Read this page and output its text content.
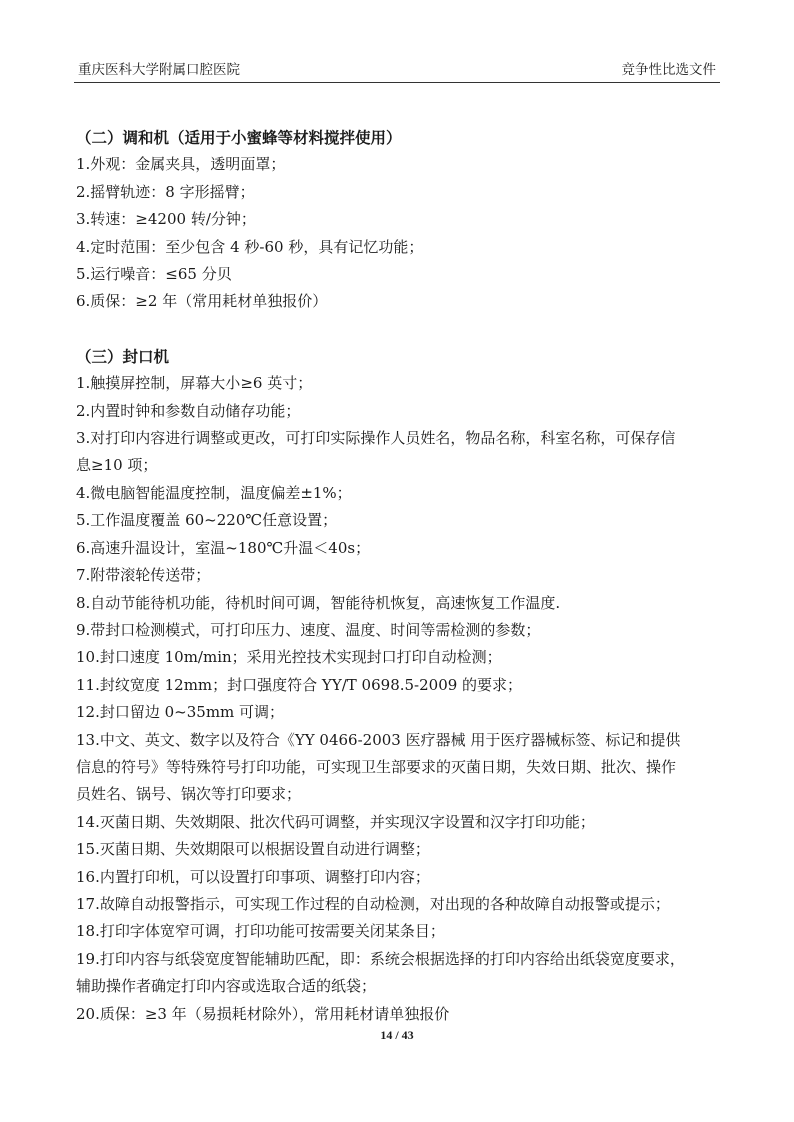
重庆医科大学附属口腔医院	竞争性比选文件
（二）调和机（适用于小蜜蜂等材料搅拌使用）
1.外观：金属夹具，透明面罩；
2.摇臂轨迹：8 字形摇臂；
3.转速：≥4200 转/分钟；
4.定时范围：至少包含 4 秒-60 秒，具有记忆功能；
5.运行噪音：≤65 分贝
6.质保：≥2 年（常用耗材单独报价）
（三）封口机
1.触摸屏控制，屏幕大小≥6 英寸；
2.内置时钟和参数自动储存功能；
3.对打印内容进行调整或更改，可打印实际操作人员姓名，物品名称，科室名称，可保存信
息≥10 项；
4.微电脑智能温度控制，温度偏差±1%；
5.工作温度覆盖 60~220℃任意设置；
6.高速升温设计，室温~180℃升温＜40s；
7.附带滚轮传送带；
8.自动节能待机功能，待机时间可调，智能待机恢复，高速恢复工作温度.
9.带封口检测模式，可打印压力、速度、温度、时间等需检测的参数；
10.封口速度 10m/min；采用光控技术实现封口打印自动检测；
11.封纹宽度 12mm；封口强度符合 YY/T 0698.5-2009 的要求；
12.封口留边 0~35mm 可调；
13.中文、英文、数字以及符合《YY 0466-2003 医疗器械 用于医疗器械标签、标记和提供
信息的符号》等特殊符号打印功能，可实现卫生部要求的灭菌日期，失效日期、批次、操作
员姓名、锅号、锅次等打印要求；
14.灭菌日期、失效期限、批次代码可调整，并实现汉字设置和汉字打印功能；
15.灭菌日期、失效期限可以根据设置自动进行调整；
16.内置打印机，可以设置打印事项、调整打印内容；
17.故障自动报警指示，可实现工作过程的自动检测，对出现的各种故障自动报警或提示；
18.打印字体宽窄可调，打印功能可按需要关闭某条目；
19.打印内容与纸袋宽度智能辅助匹配，即：系统会根据选择的打印内容给出纸袋宽度要求，
辅助操作者确定打印内容或选取合适的纸袋；
20.质保：≥3 年（易损耗材除外），常用耗材请单独报价
14 / 43
